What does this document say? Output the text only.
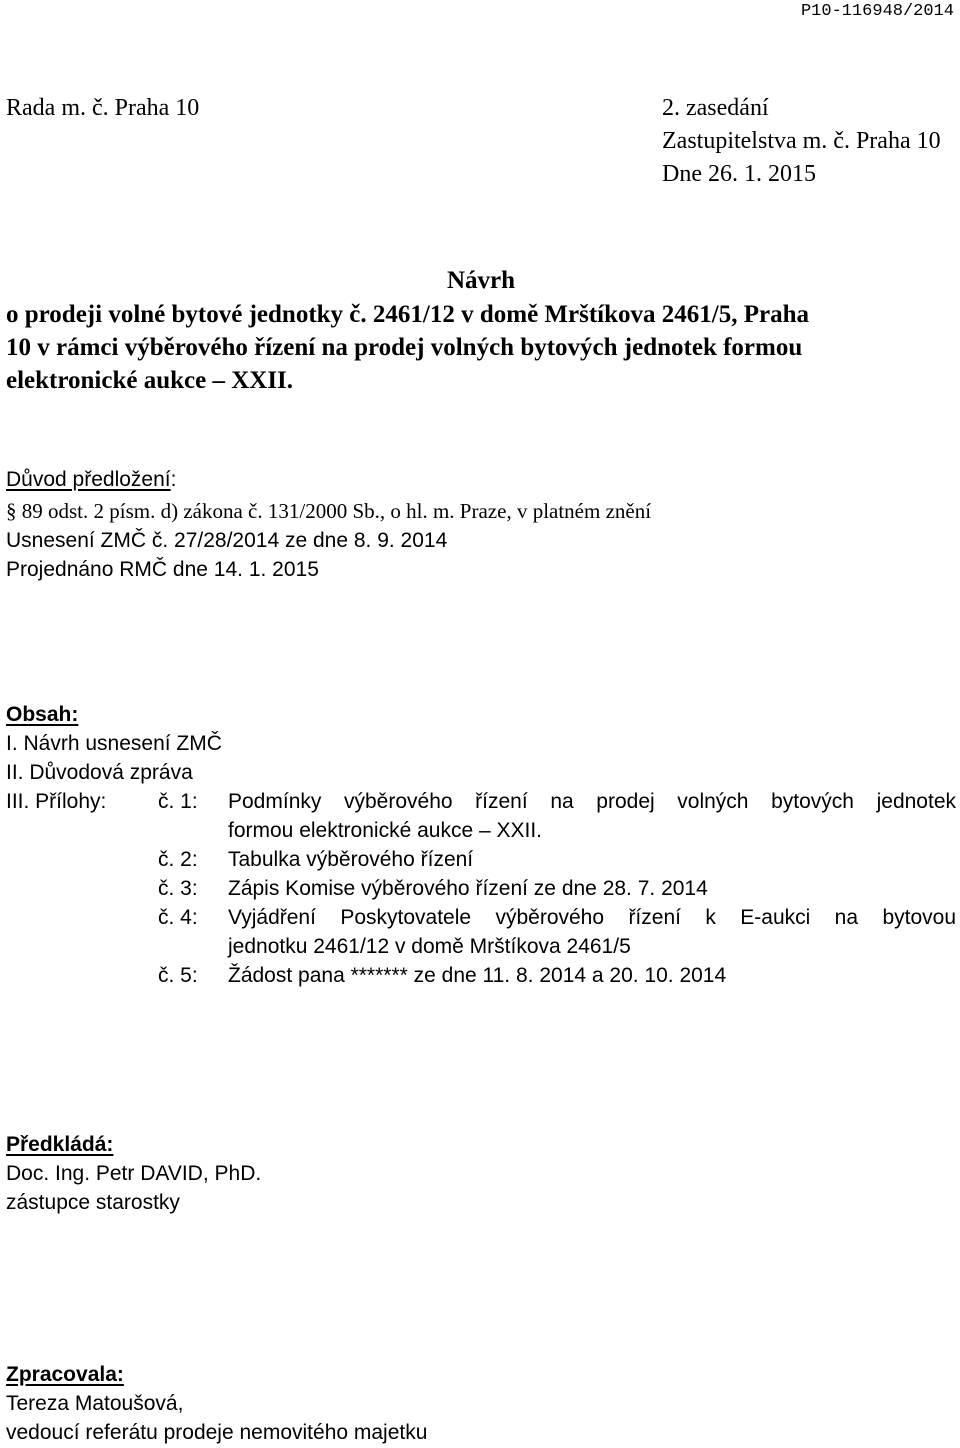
P10-116948/2014
Rada m. č. Praha 10	2. zasedání
Zastupitelstva m. č. Praha 10
Dne 26. 1. 2015
Návrh
o prodeji volné bytové jednotky č. 2461/12 v domě Mrštíkova 2461/5, Praha
10 v rámci výběrového řízení na prodej volných bytových jednotek formou
elektronické aukce – XXII.
Důvod předložení:
§ 89 odst. 2 písm. d) zákona č. 131/2000 Sb., o hl. m. Praze, v platném znění
Usnesení ZMČ č. 27/28/2014 ze dne 8. 9. 2014
Projednáno RMČ dne 14. 1. 2015
Obsah:
I. Návrh usnesení ZMČ
II. Důvodová zpráva
III. Přílohy:	č. 1:	Podmínky výběrového řízení na prodej volných bytových jednotek
formou elektronické aukce – XXII.
č. 2:	Tabulka výběrového řízení
č. 3:	Zápis Komise výběrového řízení ze dne 28. 7. 2014
č. 4:	Vyjádření Poskytovatele výběrového řízení k E-aukci na bytovou
jednotku 2461/12 v domě Mrštíkova 2461/5
č. 5:	Žádost pana ******* ze dne 11. 8. 2014 a 20. 10. 2014
Předkládá:
Doc. Ing. Petr DAVID, PhD.
zástupce starostky
Zpracovala:
Tereza Matoušová,
vedoucí referátu prodeje nemovitého majetku
